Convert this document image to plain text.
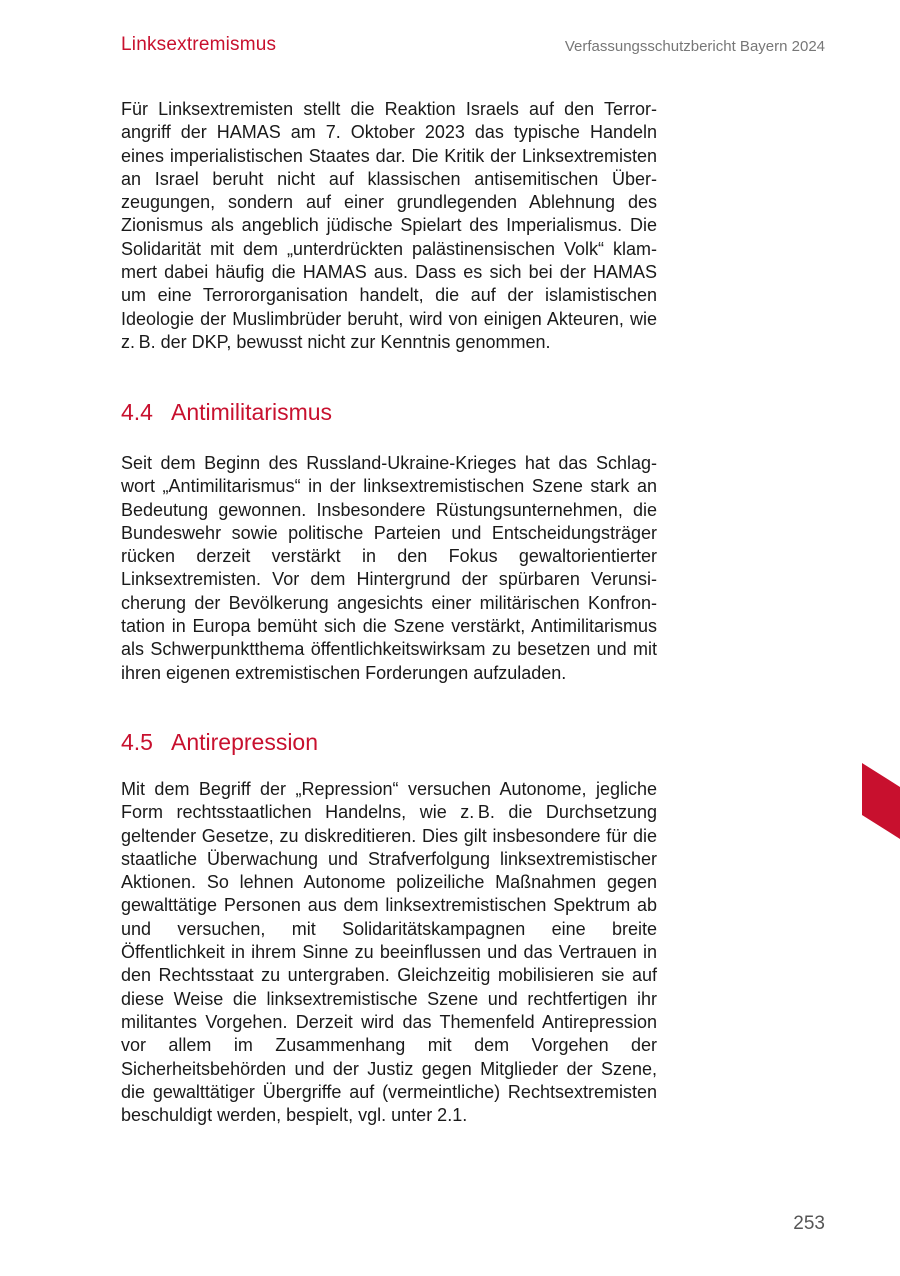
Linksextremismus	Verfassungsschutzbericht Bayern 2024

Für Linksextremisten stellt die Reaktion Israels auf den Terrorangriff der HAMAS am 7. Oktober 2023 das typische Handeln eines imperialistischen Staates dar. Die Kritik der Linksextremisten an Israel beruht nicht auf klassischen antisemitischen Überzeugungen, sondern auf einer grundlegenden Ablehnung des Zionismus als angeblich jüdische Spielart des Imperialismus. Die Solidarität mit dem „unterdrückten palästinensischen Volk“ klammert dabei häufig die HAMAS aus. Dass es sich bei der HAMAS um eine Terrororganisation handelt, die auf der islamistischen Ideologie der Muslimbrüder beruht, wird von einigen Akteuren, wie z. B. der DKP, bewusst nicht zur Kenntnis genommen.

4.4 Antimilitarismus

Seit dem Beginn des Russland-Ukraine-Krieges hat das Schlagwort „Antimilitarismus“ in der linksextremistischen Szene stark an Bedeutung gewonnen. Insbesondere Rüstungsunternehmen, die Bundeswehr sowie politische Parteien und Entscheidungsträger rücken derzeit verstärkt in den Fokus gewaltorientierter Linksextremisten. Vor dem Hintergrund der spürbaren Verunsicherung der Bevölkerung angesichts einer militärischen Konfrontation in Europa bemüht sich die Szene verstärkt, Antimilitarismus als Schwerpunktthema öffentlichkeitswirksam zu besetzen und mit ihren eigenen extremistischen Forderungen aufzuladen.

4.5 Antirepression

Mit dem Begriff der „Repression“ versuchen Autonome, jegliche Form rechtsstaatlichen Handelns, wie z. B. die Durchsetzung geltender Gesetze, zu diskreditieren. Dies gilt insbesondere für die staatliche Überwachung und Strafverfolgung linksextremistischer Aktionen. So lehnen Autonome polizeiliche Maßnahmen gegen gewalttätige Personen aus dem linksextremistischen Spektrum ab und versuchen, mit Solidaritätskampagnen eine breite Öffentlichkeit in ihrem Sinne zu beeinflussen und das Vertrauen in den Rechtsstaat zu untergraben. Gleichzeitig mobilisieren sie auf diese Weise die linksextremistische Szene und rechtfertigen ihr militantes Vorgehen. Derzeit wird das Themenfeld Antirepression vor allem im Zusammenhang mit dem Vorgehen der Sicherheitsbehörden und der Justiz gegen Mitglieder der Szene, die gewalttätiger Übergriffe auf (vermeintliche) Rechtsextremisten beschuldigt werden, bespielt, vgl. unter 2.1.

253
